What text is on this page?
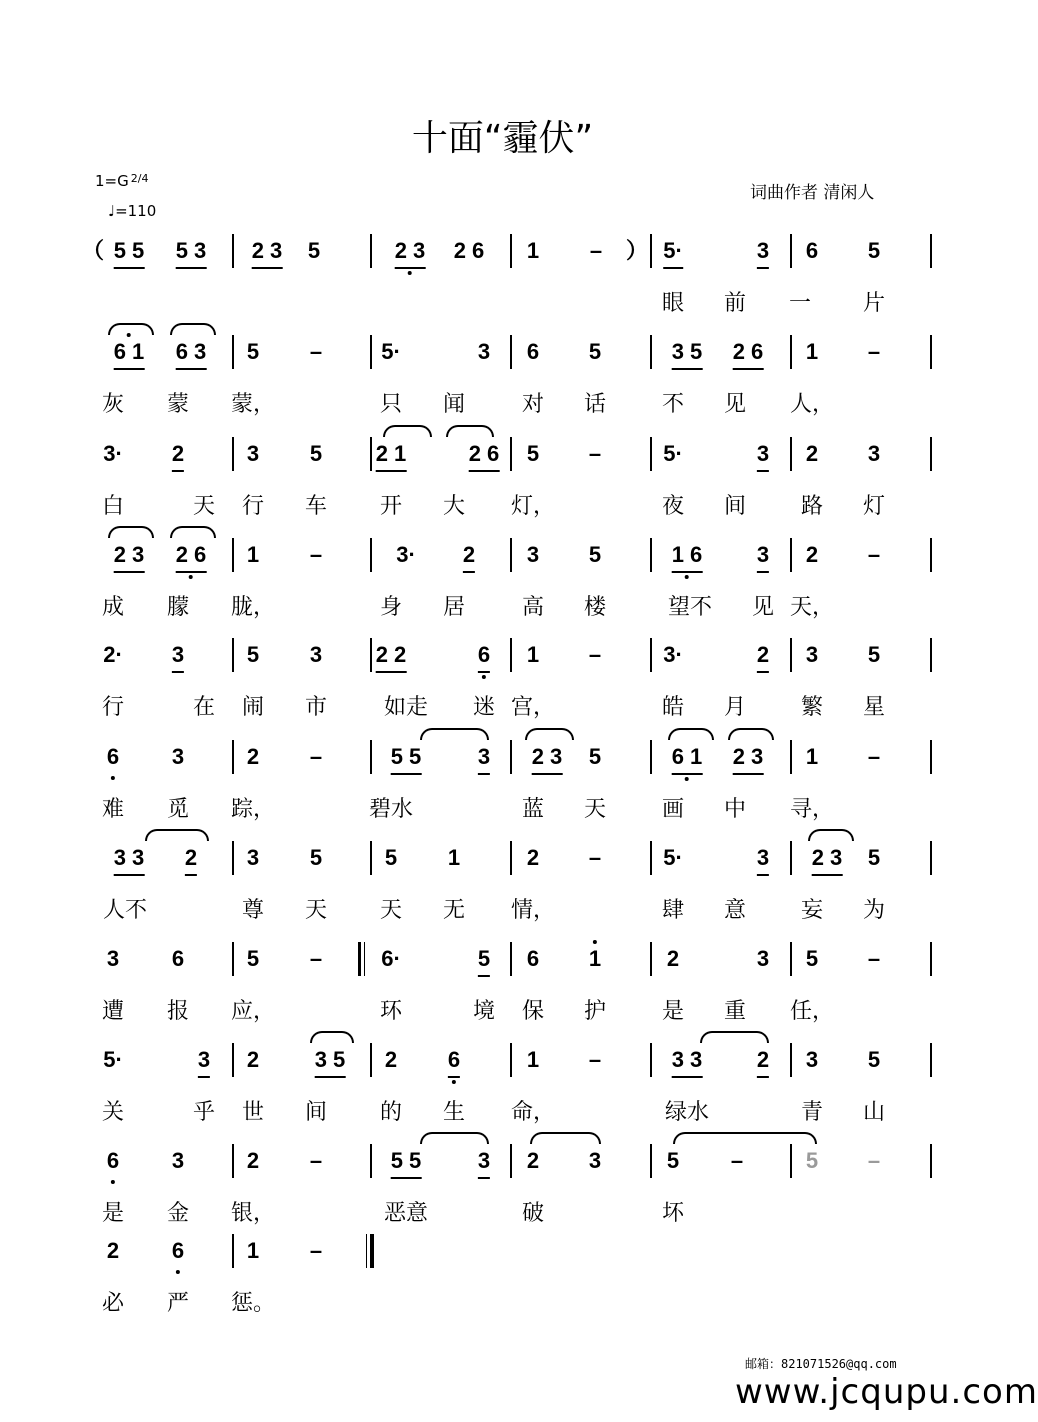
十面“霾伏”
1=G $^{2/4}$
♩=110
词曲作者 清闲人
（ 5 5 5 3 2 3 5	2 3 2 6 1 – ） 5·	3 6 5
眼 前 一 片
6 1 6 3 5 –	5·	3 6 5	3 5 2 6 1 –
灰 蒙 蒙，	只 闻	对 话	不 见 人，
3· 2	3 5 2 1	2 6 5 –	5·	3 2 3
白	天 行 车 开 大 灯，	夜 间 路 灯
2 3 2 6 1 –	3· 2 3 5	1 6 3 2 –
成 朦 胧，	身 居	高 楼	望不 见 天，
2· 3	5 3 2 2	6 1 –	3·	2 3 5
行	在 闹 市	如走 迷 宫，	皓 月 繁 星
6 3	2 –	5 5	3 2 3 5	6 1 2 3 1 –
难 觅 踪，	碧水	蓝 天	画 中 寻，
3 3 2 3 5	5 1	2 –	5·	3 2 3 5
人不	尊 天 天 无 情，	肆 意 妄 为
3 6	5 –	6·	5 6 1	2	3 5 –
遭 报 应，	环	境 保 护	是 重 任，
5·	3 2	3 5 2 6	1 –	3 3 2 3 5
关	乎 世 间 的 生 命，	绿水	青 山
6 3	2 –	5 5	3 2 3	5 –	5 –
是 金 银，	恶意	破	坏
2 6	1 –
必 严 惩。
邮箱：821071526@qq.com
www.jcqupu.com
